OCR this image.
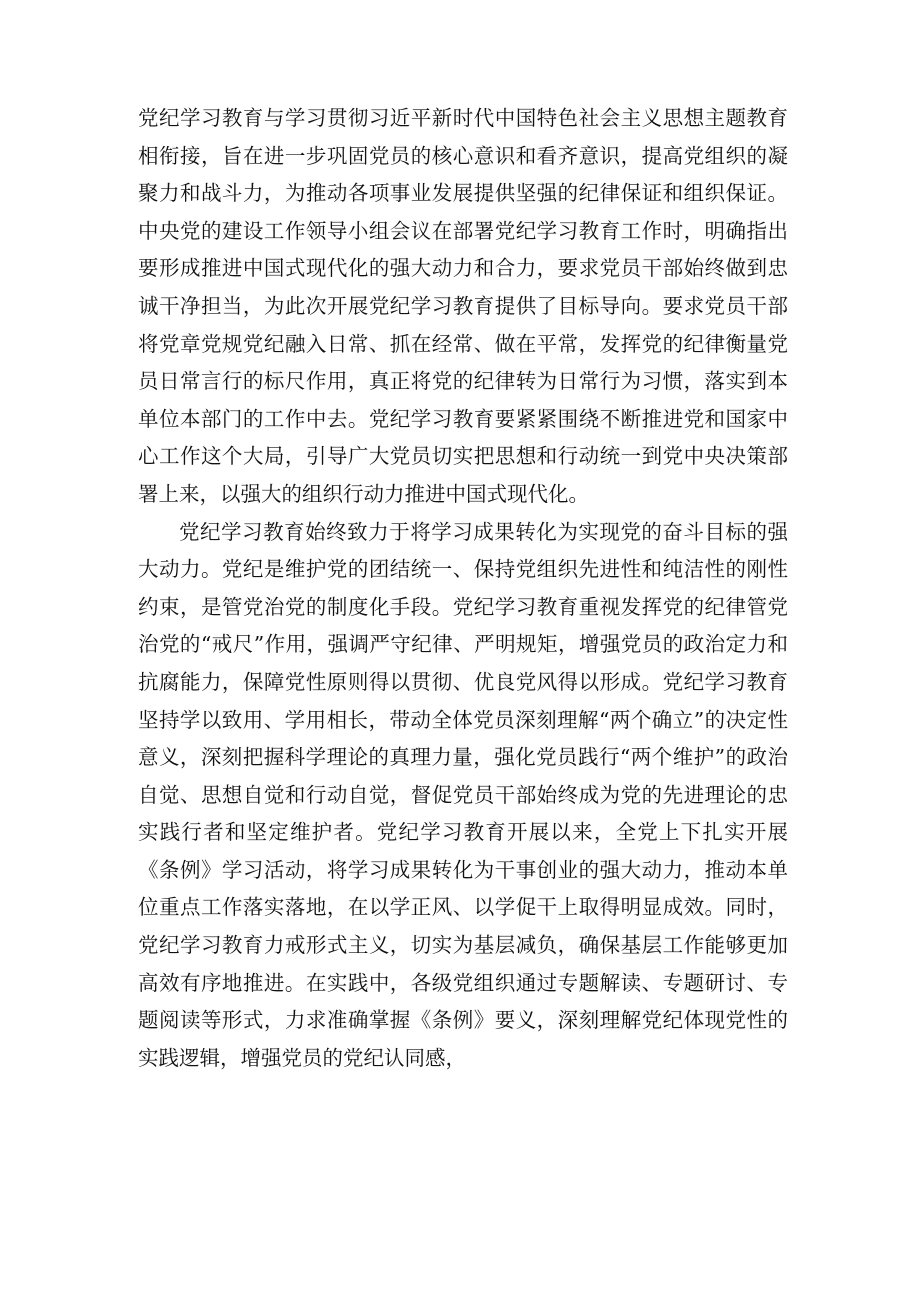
党纪学习教育与学习贯彻习近平新时代中国特色社会主义思想主题教育相衔接，旨在进一步巩固党员的核心意识和看齐意识，提高党组织的凝聚力和战斗力，为推动各项事业发展提供坚强的纪律保证和组织保证。中央党的建设工作领导小组会议在部署党纪学习教育工作时，明确指出要形成推进中国式现代化的强大动力和合力，要求党员干部始终做到忠诚干净担当，为此次开展党纪学习教育提供了目标导向。要求党员干部将党章党规党纪融入日常、抓在经常、做在平常，发挥党的纪律衡量党员日常言行的标尺作用，真正将党的纪律转为日常行为习惯，落实到本单位本部门的工作中去。党纪学习教育要紧紧围绕不断推进党和国家中心工作这个大局，引导广大党员切实把思想和行动统一到党中央决策部署上来，以强大的组织行动力推进中国式现代化。

党纪学习教育始终致力于将学习成果转化为实现党的奋斗目标的强大动力。党纪是维护党的团结统一、保持党组织先进性和纯洁性的刚性约束，是管党治党的制度化手段。党纪学习教育重视发挥党的纪律管党治党的“戒尺”作用，强调严守纪律、严明规矩，增强党员的政治定力和抗腐能力，保障党性原则得以贯彻、优良党风得以形成。党纪学习教育坚持学以致用、学用相长，带动全体党员深刻理解“两个确立”的决定性意义，深刻把握科学理论的真理力量，强化党员践行“两个维护”的政治自觉、思想自觉和行动自觉，督促党员干部始终成为党的先进理论的忠实践行者和坚定维护者。党纪学习教育开展以来，全党上下扎实开展《条例》学习活动，将学习成果转化为干事创业的强大动力，推动本单位重点工作落实落地，在以学正风、以学促干上取得明显成效。同时，党纪学习教育力戒形式主义，切实为基层减负，确保基层工作能够更加高效有序地推进。在实践中，各级党组织通过专题解读、专题研讨、专题阅读等形式，力求准确掌握《条例》要义，深刻理解党纪体现党性的实践逻辑，增强党员的党纪认同感，
